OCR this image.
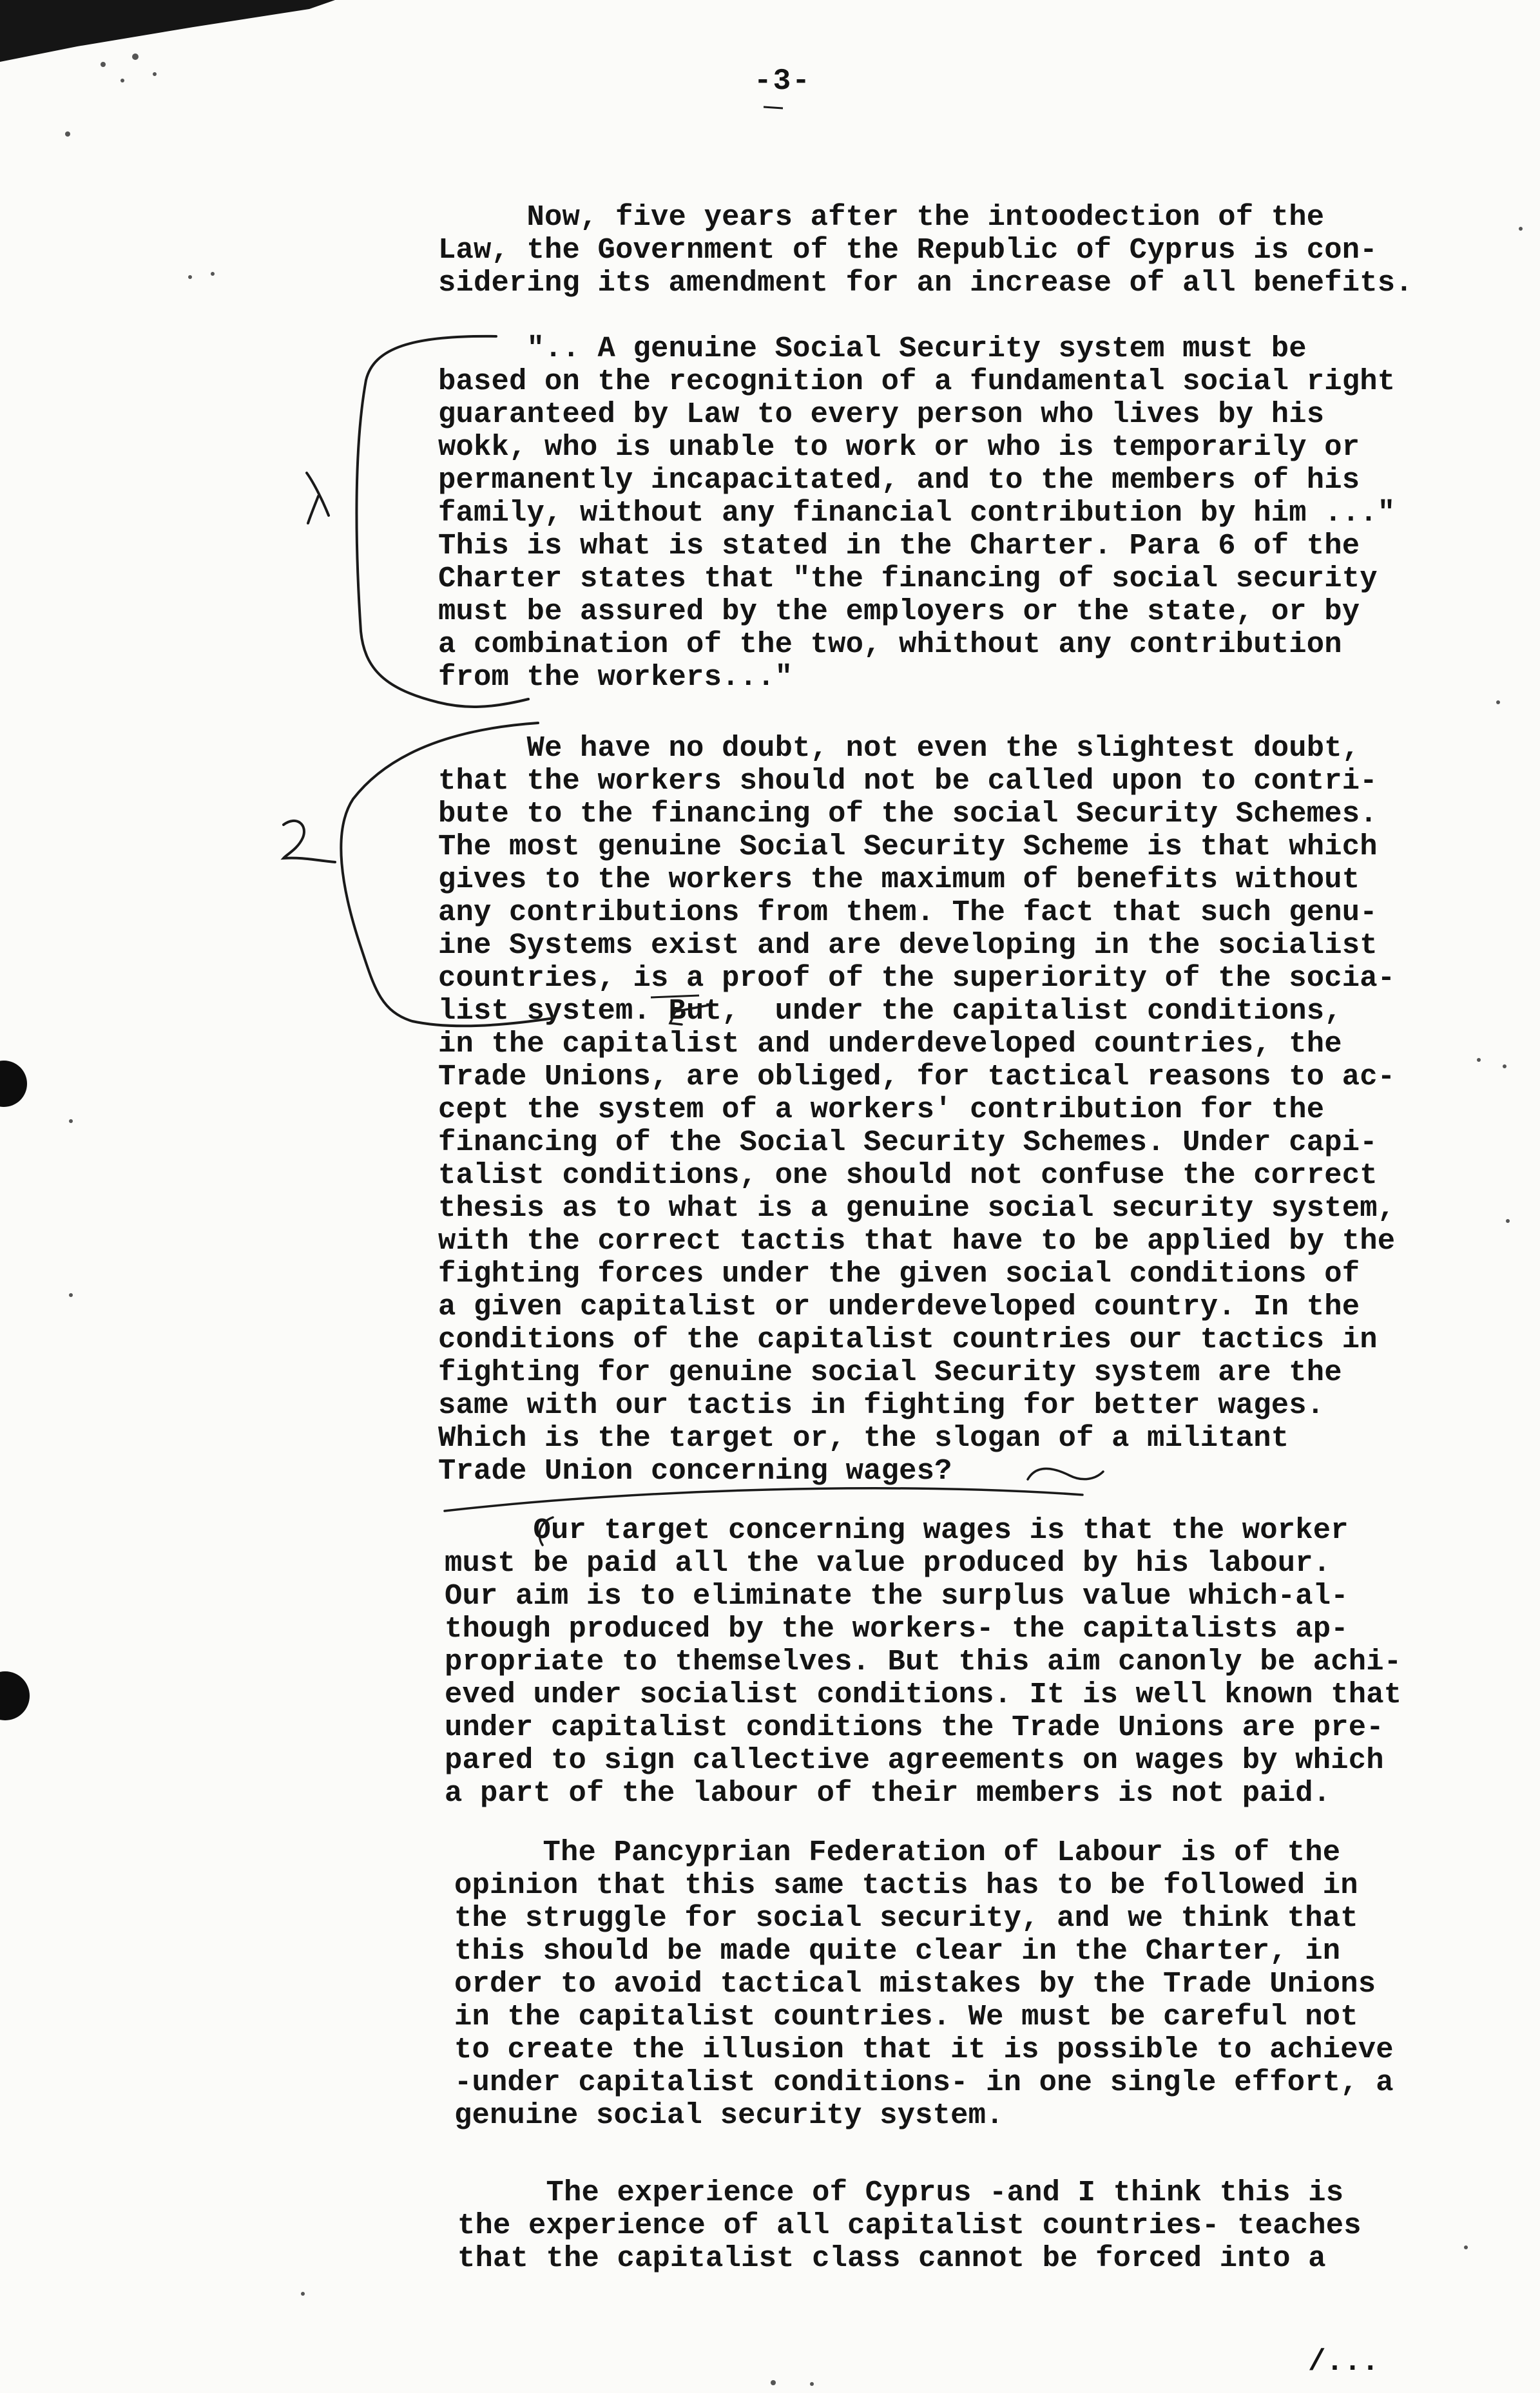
-3-

Now, five years after the intoodection of the
Law, the Government of the Republic of Cyprus is con-
sidering its amendment for an increase of all benefits.

".. A genuine Social Security system must be
based on the recognition of a fundamental social right
guaranteed by Law to every person who lives by his
wokk, who is unable to work or who is temporarily or
permanently incapacitated, and to the members of his
family, without any financial contribution by him ..."
This is what is stated in the Charter. Para 6 of the
Charter states that "the financing of social security
must be assured by the employers or the state, or by
a combination of the two, whithout any contribution
from the workers..."

We have no doubt, not even the slightest doubt,
that the workers should not be called upon to contri-
bute to the financing of the social Security Schemes.
The most genuine Social Security Scheme is that which
gives to the workers the maximum of benefits without
any contributions from them. The fact that such genu-
ine Systems exist and are developing in the socialist
countries, is a proof of the superiority of the socia-
list system. But,  under the capitalist conditions,
in the capitalist and underdeveloped countries, the
Trade Unions, are obliged, for tactical reasons to ac-
cept the system of a workers' contribution for the
financing of the Social Security Schemes. Under capi-
talist conditions, one should not confuse the correct
thesis as to what is a genuine social security system,
with the correct tactis that have to be applied by the
fighting forces under the given social conditions of
a given capitalist or underdeveloped country. In the
conditions of the capitalist countries our tactics in
fighting for genuine social Security system are the
same with our tactis in fighting for better wages.
Which is the target or, the slogan of a militant
Trade Union concerning wages?

Our target concerning wages is that the worker
must be paid all the value produced by his labour.
Our aim is to eliminate the surplus value which-al-
though produced by the workers- the capitalists ap-
propriate to themselves. But this aim canonly be achi-
eved under socialist conditions. It is well known that
under capitalist conditions the Trade Unions are pre-
pared to sign callective agreements on wages by which
a part of the labour of their members is not paid.

The Pancyprian Federation of Labour is of the
opinion that this same tactis has to be followed in
the struggle for social security, and we think that
this should be made quite clear in the Charter, in
order to avoid tactical mistakes by the Trade Unions
in the capitalist countries. We must be careful not
to create the illusion that it is possible to achieve
-under capitalist conditions- in one single effort, a
genuine social security system.

The experience of Cyprus -and I think this is
the experience of all capitalist countries- teaches
that the capitalist class cannot be forced into a

/...
